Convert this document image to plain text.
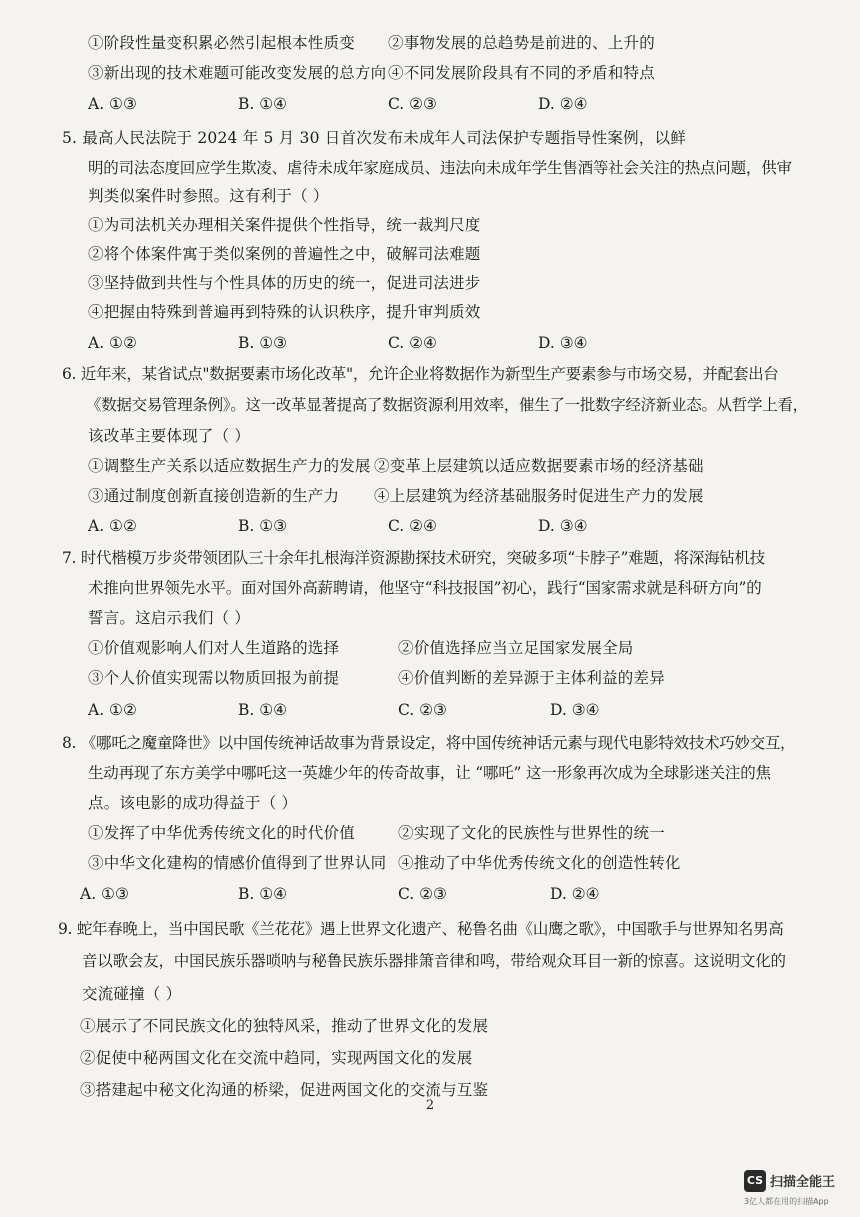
①阶段性量变积累必然引起根本性质变 ②事物发展的总趋势是前进的、上升的
③新出现的技术难题可能改变发展的总方向 ④不同发展阶段具有不同的矛盾和特点
A. ①③	B. ①④	C. ②③	D. ②④
5. 最高人民法院于 2024 年 5 月 30 日首次发布未成年人司法保护专题指导性案例，以鲜
明的司法态度回应学生欺凌、虐待未成年家庭成员、违法向未成年学生售酒等社会关注的热点问题，供审
判类似案件时参照。这有利于（ ）
①为司法机关办理相关案件提供个性指导，统一裁判尺度
②将个体案件寓于类似案例的普遍性之中，破解司法难题
③坚持做到共性与个性具体的历史的统一，促进司法进步
④把握由特殊到普遍再到特殊的认识秩序，提升审判质效
A. ①②	B. ①③	C. ②④	D. ③④
6. 近年来，某省试点"数据要素市场化改革"，允许企业将数据作为新型生产要素参与市场交易，并配套出台
《数据交易管理条例》。这一改革显著提高了数据资源利用效率，催生了一批数字经济新业态。从哲学上看，
该改革主要体现了（ ）
①调整生产关系以适应数据生产力的发展 ②变革上层建筑以适应数据要素市场的经济基础
③通过制度创新直接创造新的生产力 ④上层建筑为经济基础服务时促进生产力的发展
A. ①②	B. ①③	C. ②④	D. ③④
7. 时代楷模万步炎带领团队三十余年扎根海洋资源勘探技术研究，突破多项“卡脖子”难题，将深海钻机技
术推向世界领先水平。面对国外高薪聘请，他坚守“科技报国”初心，践行“国家需求就是科研方向”的
誓言。这启示我们（ ）
①价值观影响人们对人生道路的选择	②价值选择应当立足国家发展全局
③个人价值实现需以物质回报为前提	④价值判断的差异源于主体利益的差异
A. ①②	B. ①④	C. ②③	D. ③④
8. 《哪吒之魔童降世》以中国传统神话故事为背景设定，将中国传统神话元素与现代电影特效技术巧妙交互，
生动再现了东方美学中哪吒这一英雄少年的传奇故事，让 “哪吒” 这一形象再次成为全球影迷关注的焦
点。该电影的成功得益于（ ）
①发挥了中华优秀传统文化的时代价值	②实现了文化的民族性与世界性的统一
③中华文化建构的情感价值得到了世界认同 ④推动了中华优秀传统文化的创造性转化
A. ①③	B. ①④	C. ②③	D. ②④
9. 蛇年春晚上，当中国民歌《兰花花》遇上世界文化遗产、秘鲁名曲《山鹰之歌》，中国歌手与世界知名男高
音以歌会友，中国民族乐器唢呐与秘鲁民族乐器排箫音律和鸣，带给观众耳目一新的惊喜。这说明文化的
交流碰撞（ ）
①展示了不同民族文化的独特风采，推动了世界文化的发展
②促使中秘两国文化在交流中趋同，实现两国文化的发展
③搭建起中秘文化沟通的桥梁，促进两国文化的交流与互鉴
2
CS 扫描全能王
3亿人都在用的扫描App
